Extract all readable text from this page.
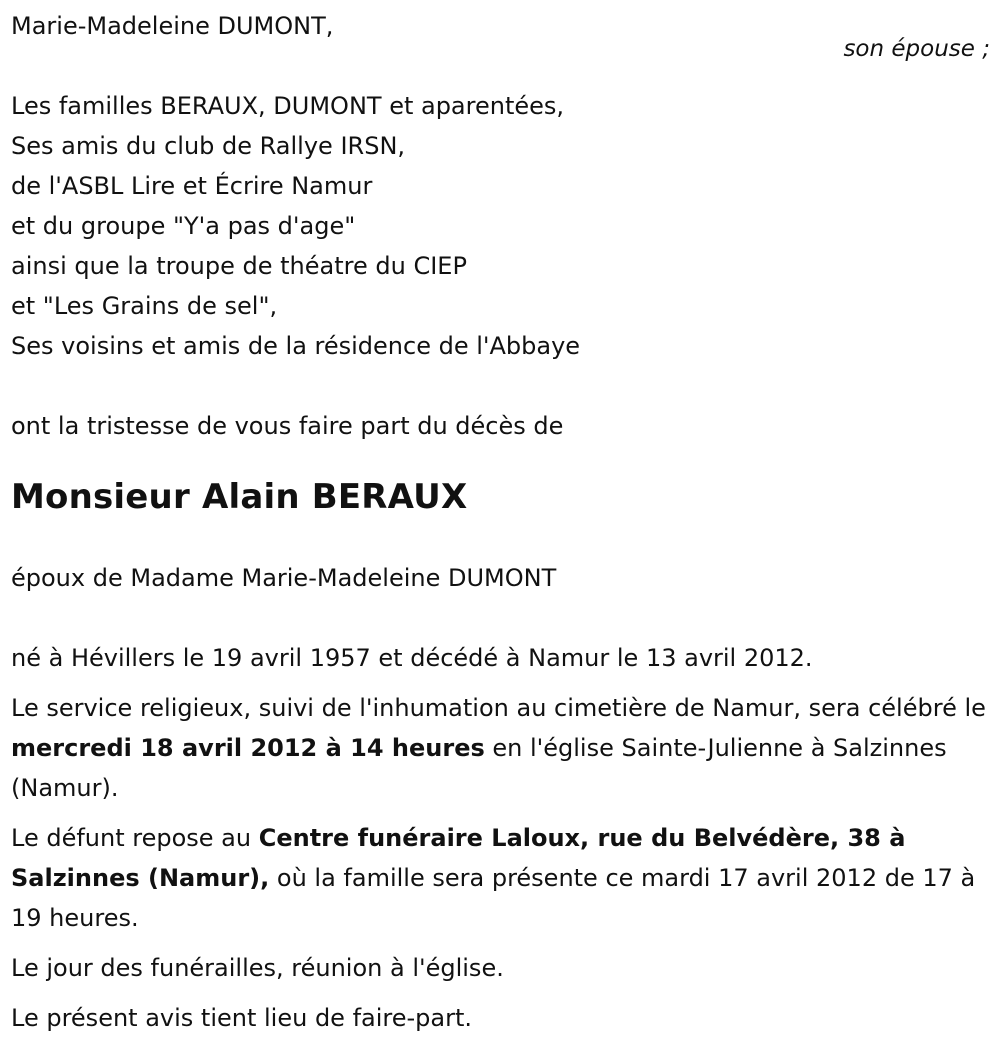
Marie-Madeleine DUMONT,
Les familles BERAUX, DUMONT et aparentées,
Ses amis du club de Rallye IRSN,
de l'ASBL Lire et Écrire Namur
et du groupe "Y'a pas d'age"
ainsi que la troupe de théatre du CIEP
et "Les Grains de sel",
Ses voisins et amis de la résidence de l'Abbaye
ont la tristesse de vous faire part du décès de
Monsieur Alain BERAUX
époux de Madame Marie-Madeleine DUMONT
né à Hévillers le 19 avril 1957 et décédé à Namur le 13 avril 2012.
Le service religieux, suivi de l'inhumation au cimetière de Namur, sera célébré le mercredi 18 avril 2012 à 14 heures en l'église Sainte-Julienne à Salzinnes (Namur).
Le défunt repose au Centre funéraire Laloux, rue du Belvédère, 38 à Salzinnes (Namur), où la famille sera présente ce mardi 17 avril 2012 de 17 à 19 heures.
Le jour des funérailles, réunion à l'église.
Le présent avis tient lieu de faire-part.
son épouse ;
